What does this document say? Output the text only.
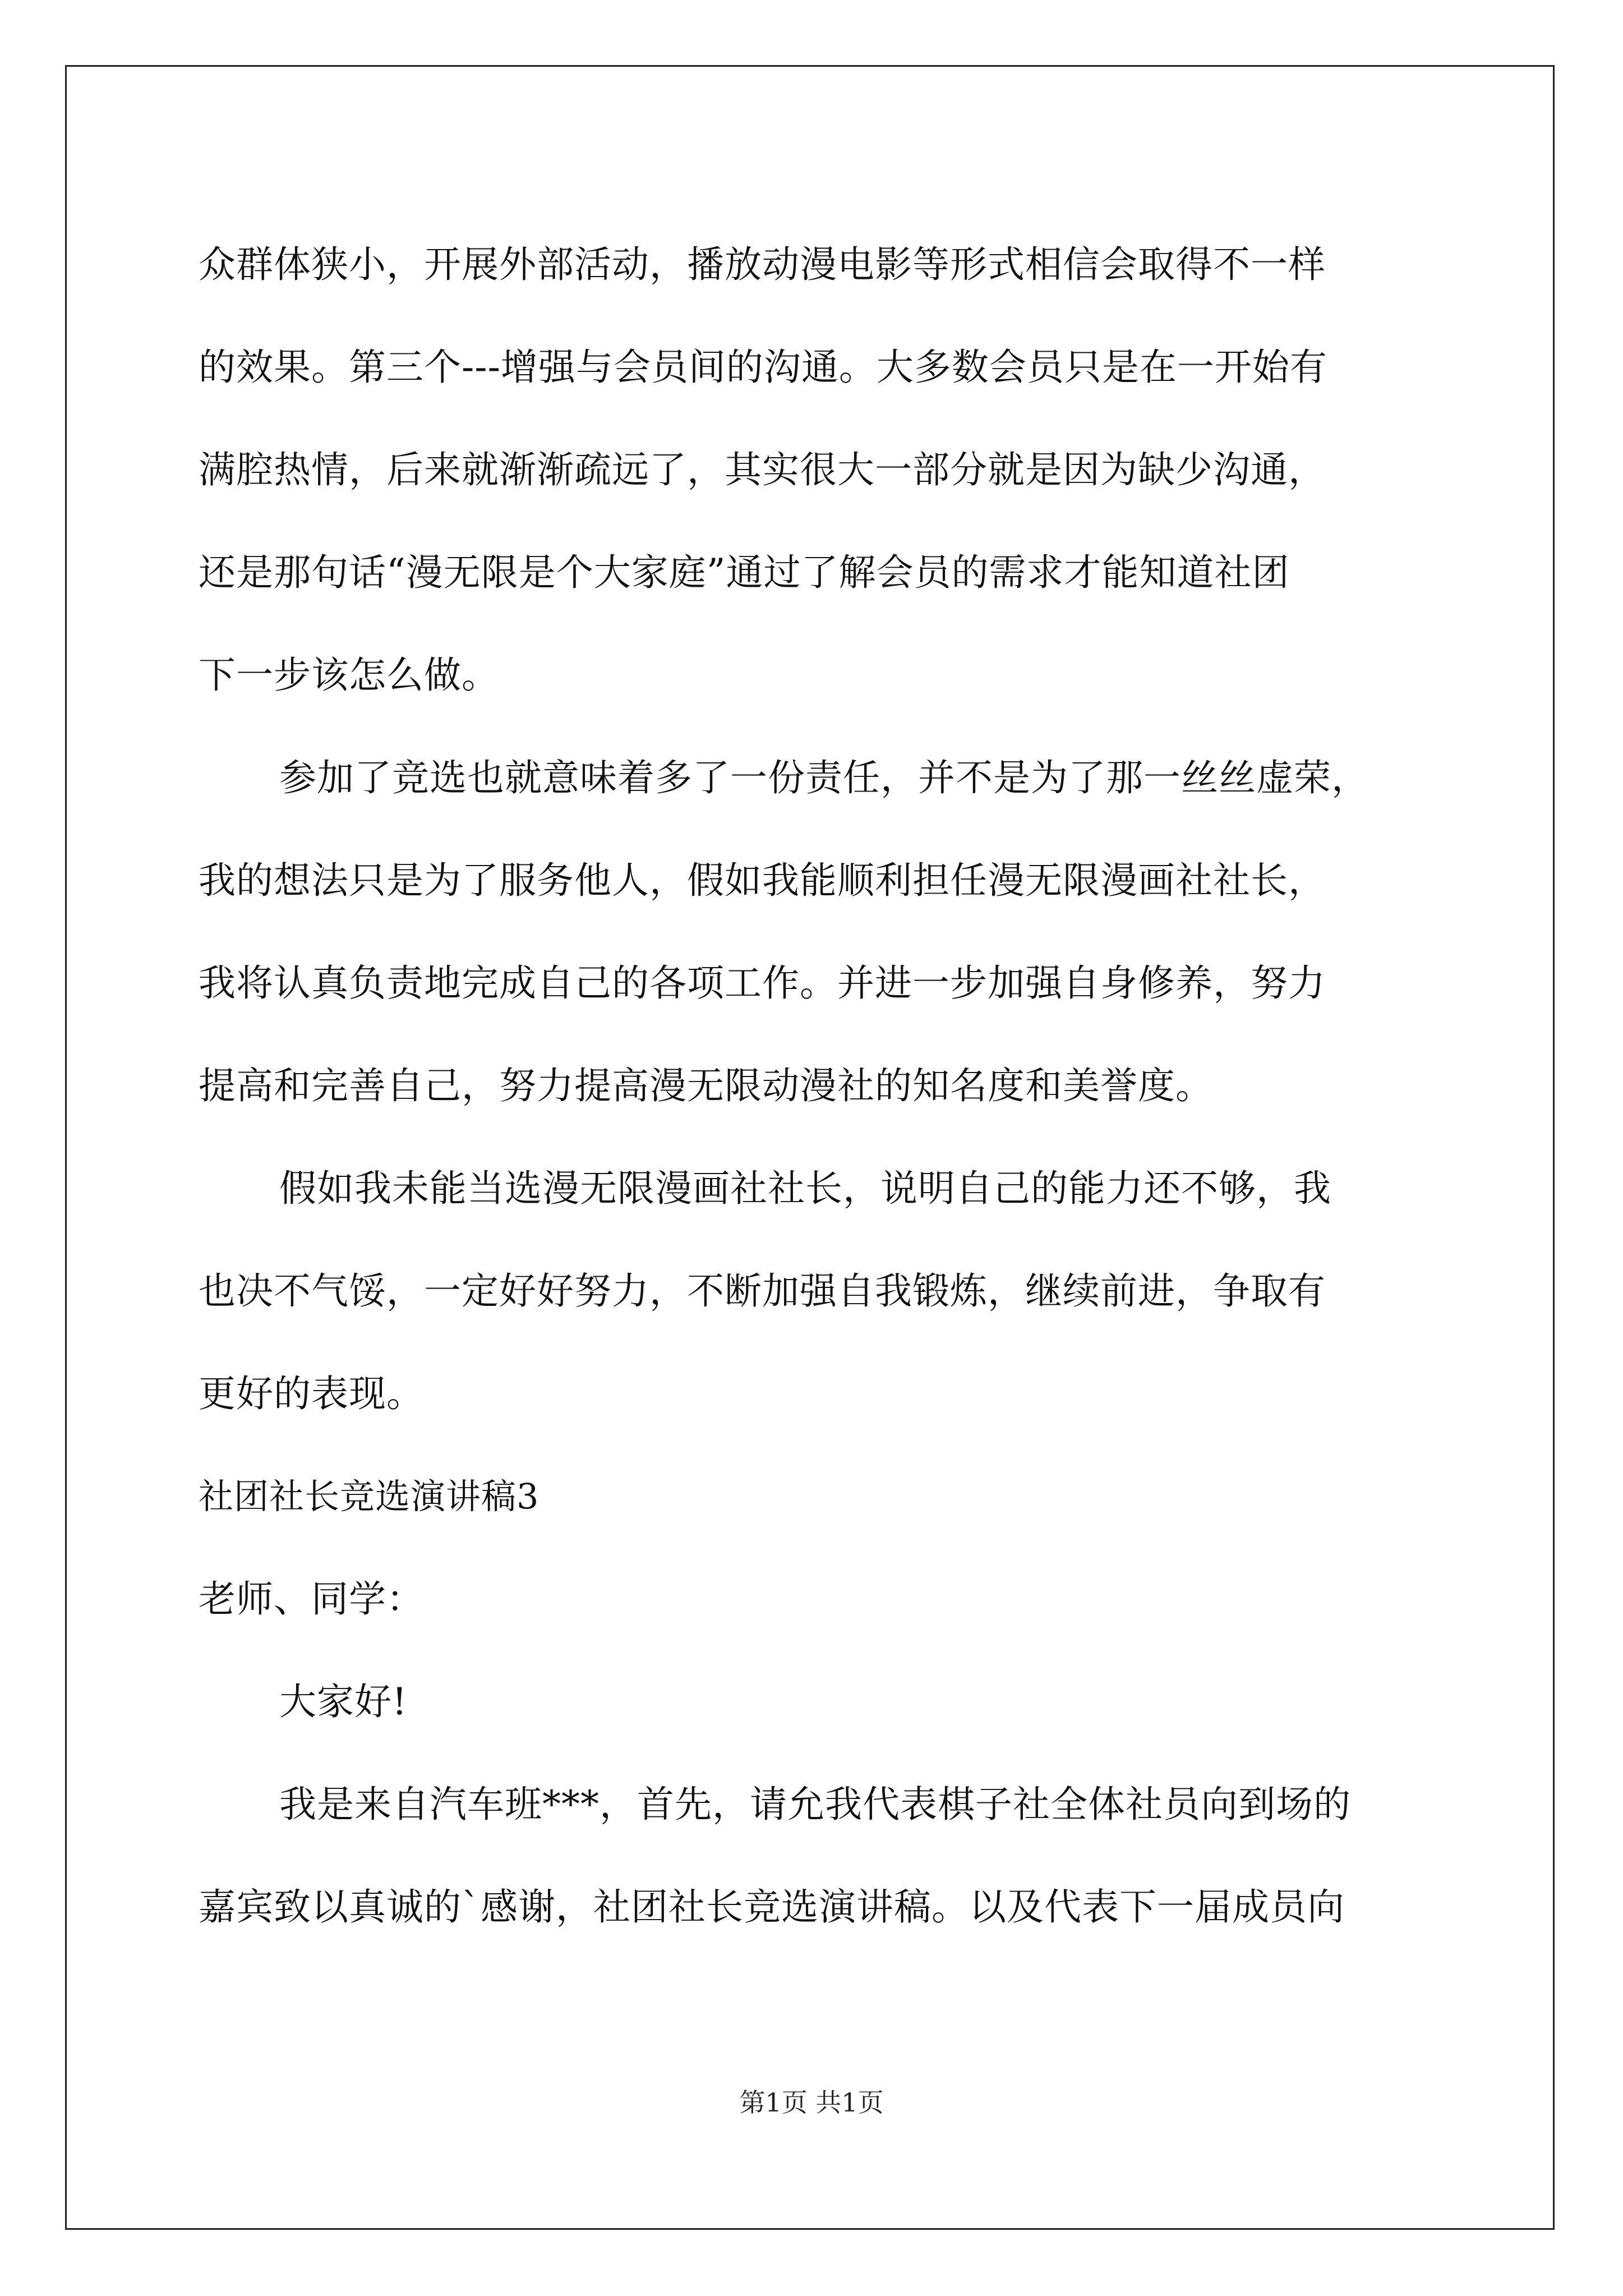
众群体狭小，开展外部活动，播放动漫电影等形式相信会取得不一样
的效果。第三个---增强与会员间的沟通。大多数会员只是在一开始有
满腔热情，后来就渐渐疏远了，其实很大一部分就是因为缺少沟通，
还是那句话“漫无限是个大家庭”通过了解会员的需求才能知道社团
下一步该怎么做。
参加了竞选也就意味着多了一份责任，并不是为了那一丝丝虚荣，
我的想法只是为了服务他人，假如我能顺利担任漫无限漫画社社长，
我将认真负责地完成自己的各项工作。并进一步加强自身修养，努力
提高和完善自己，努力提高漫无限动漫社的知名度和美誉度。
假如我未能当选漫无限漫画社社长，说明自己的能力还不够，我
也决不气馁，一定好好努力，不断加强自我锻炼，继续前进，争取有
更好的表现。
社团社长竞选演讲稿3
老师、同学：
大家好!
我是来自汽车班***，首先，请允我代表棋子社全体社员向到场的
嘉宾致以真诚的`感谢，社团社长竞选演讲稿。以及代表下一届成员向
第1页 共1页
